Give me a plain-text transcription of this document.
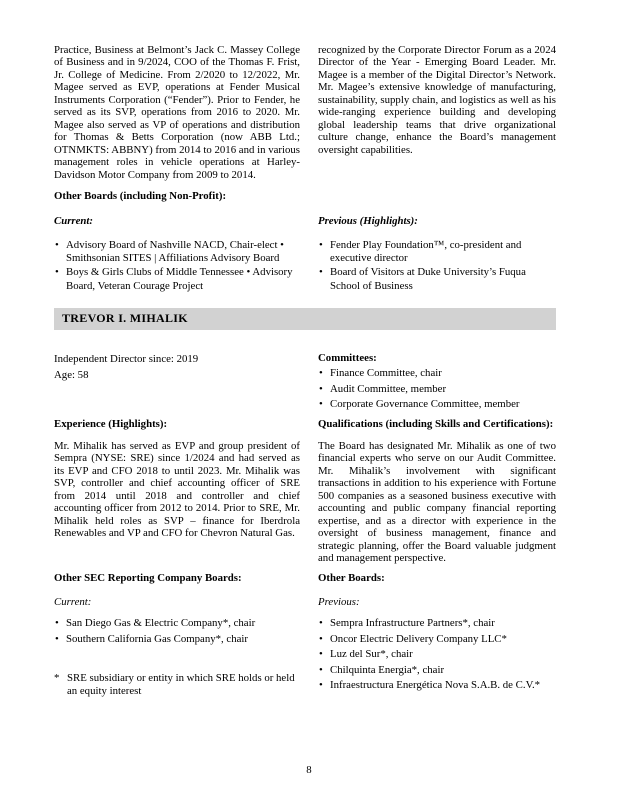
Practice, Business at Belmont’s Jack C. Massey College of Business and in 9/2024, COO of the Thomas F. Frist, Jr. College of Medicine. From 2/2020 to 12/2022, Mr. Magee served as EVP, operations at Fender Musical Instruments Corporation (“Fender”). Prior to Fender, he served as its SVP, operations from 2016 to 2020. Mr. Magee also served as VP of operations and distribution for Thomas & Betts Corporation (now ABB Ltd.; OTNMKTS: ABBNY) from 2014 to 2016 and in various management roles in vehicle operations at Harley-Davidson Motor Company from 2009 to 2014.
recognized by the Corporate Director Forum as a 2024 Director of the Year - Emerging Board Leader. Mr. Magee is a member of the Digital Director’s Network. Mr. Magee’s extensive knowledge of manufacturing, sustainability, supply chain, and logistics as well as his wide-ranging experience building and developing global leadership teams that drive organizational culture change, enhance the Board’s management oversight capabilities.
Other Boards (including Non-Profit):
Current:	Previous (Highlights):
• Advisory Board of Nashville NACD, Chair-elect • Smithsonian SITES | Affiliations Advisory Board
• Boys & Girls Clubs of Middle Tennessee • Advisory Board, Veteran Courage Project
• Fender Play Foundation™, co-president and executive director
• Board of Visitors at Duke University’s Fuqua School of Business
TREVOR I. MIHALIK
Independent Director since: 2019
Age: 58
Committees:
• Finance Committee, chair
• Audit Committee, member
• Corporate Governance Committee, member
Experience (Highlights):	Qualifications (including Skills and Certifications):
Mr. Mihalik has served as EVP and group president of Sempra (NYSE: SRE) since 1/2024 and had served as its EVP and CFO 2018 to until 2023. Mr. Mihalik was SVP, controller and chief accounting officer of SRE from 2014 until 2018 and controller and chief accounting officer from 2012 to 2014. Prior to SRE, Mr. Mihalik held roles as SVP – finance for Iberdrola Renewables and VP and CFO for Chevron Natural Gas.
The Board has designated Mr. Mihalik as one of two financial experts who serve on our Audit Committee. Mr. Mihalik’s involvement with significant transactions in addition to his experience with Fortune 500 companies as a seasoned business executive with accounting and public company financial reporting expertise, and as a director with experience in the oversight of business management, finance and strategic planning, offer the Board valuable judgment and management perspective.
Other SEC Reporting Company Boards:	Other Boards:
Current:	Previous:
• San Diego Gas & Electric Company*, chair
• Southern California Gas Company*, chair
* SRE subsidiary or entity in which SRE holds or held an equity interest
• Sempra Infrastructure Partners*, chair
• Oncor Electric Delivery Company LLC*
• Luz del Sur*, chair
• Chilquinta Energia*, chair
• Infraestructura Energética Nova S.A.B. de C.V.*
8
